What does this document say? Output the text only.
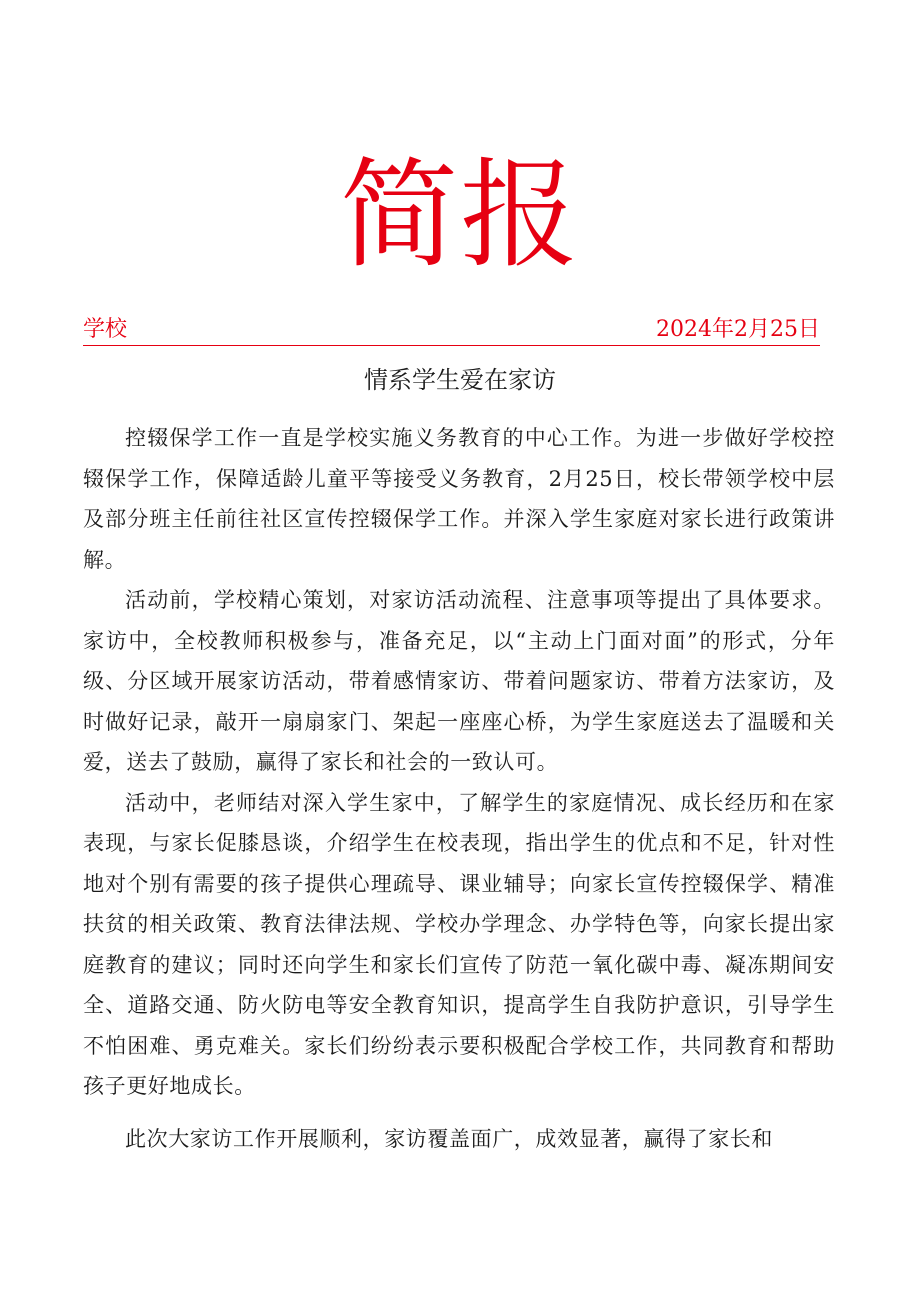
简报
学校	2024年2月25日
情系学生爱在家访

控辍保学工作一直是学校实施义务教育的中心工作。为进一步做好学校控辍保学工作，保障适龄儿童平等接受义务教育，2月25日，校长带领学校中层及部分班主任前往社区宣传控辍保学工作。并深入学生家庭对家长进行政策讲解。

活动前，学校精心策划，对家访活动流程、注意事项等提出了具体要求。家访中，全校教师积极参与，准备充足，以“主动上门面对面”的形式，分年级、分区域开展家访活动，带着感情家访、带着问题家访、带着方法家访，及时做好记录，敲开一扇扇家门、架起一座座心桥，为学生家庭送去了温暖和关爱，送去了鼓励，赢得了家长和社会的一致认可。

活动中，老师结对深入学生家中，了解学生的家庭情况、成长经历和在家表现，与家长促膝恳谈，介绍学生在校表现，指出学生的优点和不足，针对性地对个别有需要的孩子提供心理疏导、课业辅导；向家长宣传控辍保学、精准扶贫的相关政策、教育法律法规、学校办学理念、办学特色等，向家长提出家庭教育的建议；同时还向学生和家长们宣传了防范一氧化碳中毒、凝冻期间安全、道路交通、防火防电等安全教育知识，提高学生自我防护意识，引导学生不怕困难、勇克难关。家长们纷纷表示要积极配合学校工作，共同教育和帮助孩子更好地成长。

此次大家访工作开展顺利，家访覆盖面广，成效显著，赢得了家长和
